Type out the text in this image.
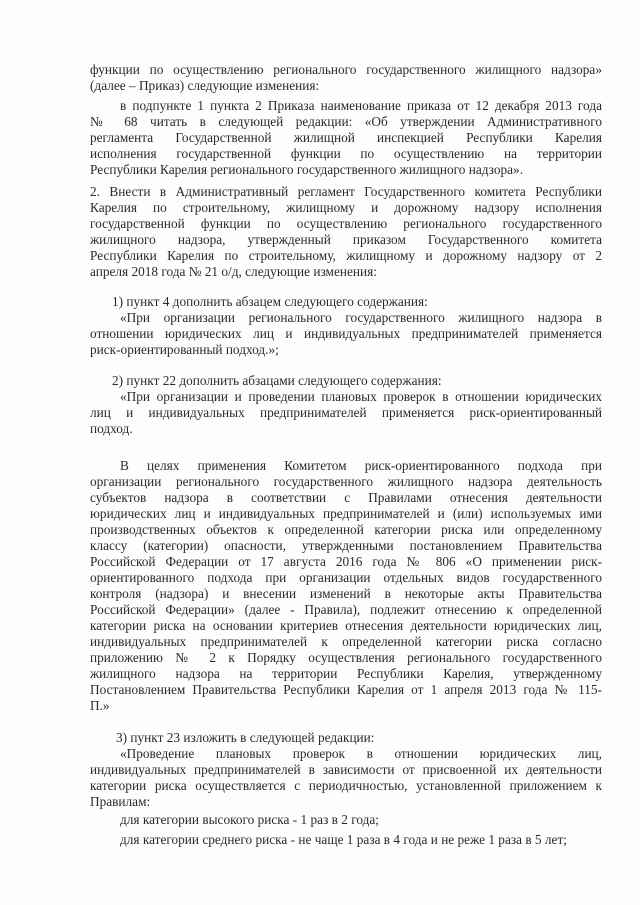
функции по осуществлению регионального государственного жилищного надзора»
(далее – Приказ) следующие изменения:
в подпункте 1 пункта 2 Приказа наименование приказа от 12 декабря 2013 года
№ 68 читать в следующей редакции: «Об утверждении Административного
регламента Государственной жилищной инспекцией Республики Карелия
исполнения государственной функции по осуществлению на территории
Республики Карелия регионального государственного жилищного надзора».
2. Внести в Административный регламент Государственного комитета Республики
Карелия по строительному, жилищному и дорожному надзору исполнения
государственной функции по осуществлению регионального государственного
жилищного надзора, утвержденный приказом Государственного комитета
Республики Карелия по строительному, жилищному и дорожному надзору от 2
апреля 2018 года № 21 о/д, следующие изменения:
1) пункт 4 дополнить абзацем следующего содержания:
«При организации регионального государственного жилищного надзора в
отношении юридических лиц и индивидуальных предпринимателей применяется
риск-ориентированный подход.»;
2) пункт 22 дополнить абзацами следующего содержания:
«При организации и проведении плановых проверок в отношении юридических
лиц и индивидуальных предпринимателей применяется риск-ориентированный
подход.
В целях применения Комитетом риск-ориентированного подхода при
организации регионального государственного жилищного надзора деятельность
субъектов надзора в соответствии с Правилами отнесения деятельности
юридических лиц и индивидуальных предпринимателей и (или) используемых ими
производственных объектов к определенной категории риска или определенному
классу (категории) опасности, утвержденными постановлением Правительства
Российской Федерации от 17 августа 2016 года № 806 «О применении риск-
ориентированного подхода при организации отдельных видов государственного
контроля (надзора) и внесении изменений в некоторые акты Правительства
Российской Федерации» (далее - Правила), подлежит отнесению к определенной
категории риска на основании критериев отнесения деятельности юридических лиц,
индивидуальных предпринимателей к определенной категории риска согласно
приложению № 2 к Порядку осуществления регионального государственного
жилищного надзора на территории Республики Карелия, утвержденному
Постановлением Правительства Республики Карелия от 1 апреля 2013 года № 115-
П.»
3) пункт 23 изложить в следующей редакции:
«Проведение плановых проверок в отношении юридических лиц,
индивидуальных предпринимателей в зависимости от присвоенной их деятельности
категории риска осуществляется с периодичностью, установленной приложением к
Правилам:
для категории высокого риска - 1 раз в 2 года;
для категории среднего риска - не чаще 1 раза в 4 года и не реже 1 раза в 5 лет;
